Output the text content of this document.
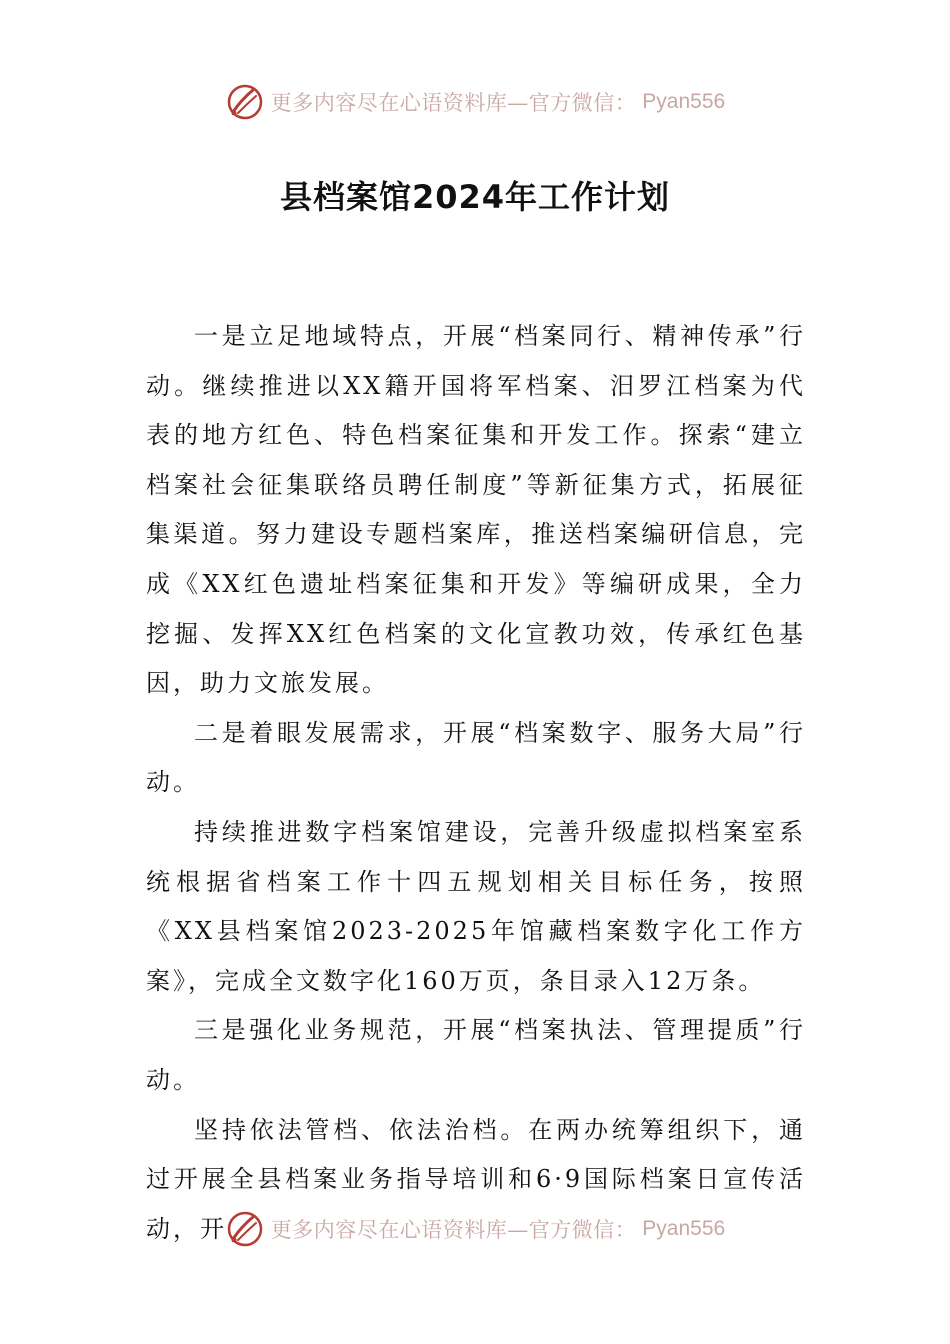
更多内容尽在心语资料库—官方微信： Pyan556
县档案馆2024年工作计划

一是立足地域特点，开展“档案同行、精神传承”行动。继续推进以XX籍开国将军档案、汨罗江档案为代表的地方红色、特色档案征集和开发工作。探索“建立档案社会征集联络员聘任制度”等新征集方式，拓展征集渠道。努力建设专题档案库，推送档案编研信息，完成《XX红色遗址档案征集和开发》等编研成果，全力挖掘、发挥XX红色档案的文化宣教功效，传承红色基因，助力文旅发展。

二是着眼发展需求，开展“档案数字、服务大局”行动。

持续推进数字档案馆建设，完善升级虚拟档案室系统根据省档案工作十四五规划相关目标任务，按照《XX县档案馆2023-2025年馆藏档案数字化工作方案》，完成全文数字化160万页，条目录入12万条。

三是强化业务规范，开展“档案执法、管理提质”行动。

坚持依法管档、依法治档。在两办统筹组织下，通过开展全县档案业务指导培训和6·9国际档案日宣传活动，开	更多内容尽在心语资料库—官方微信： Pyan556
